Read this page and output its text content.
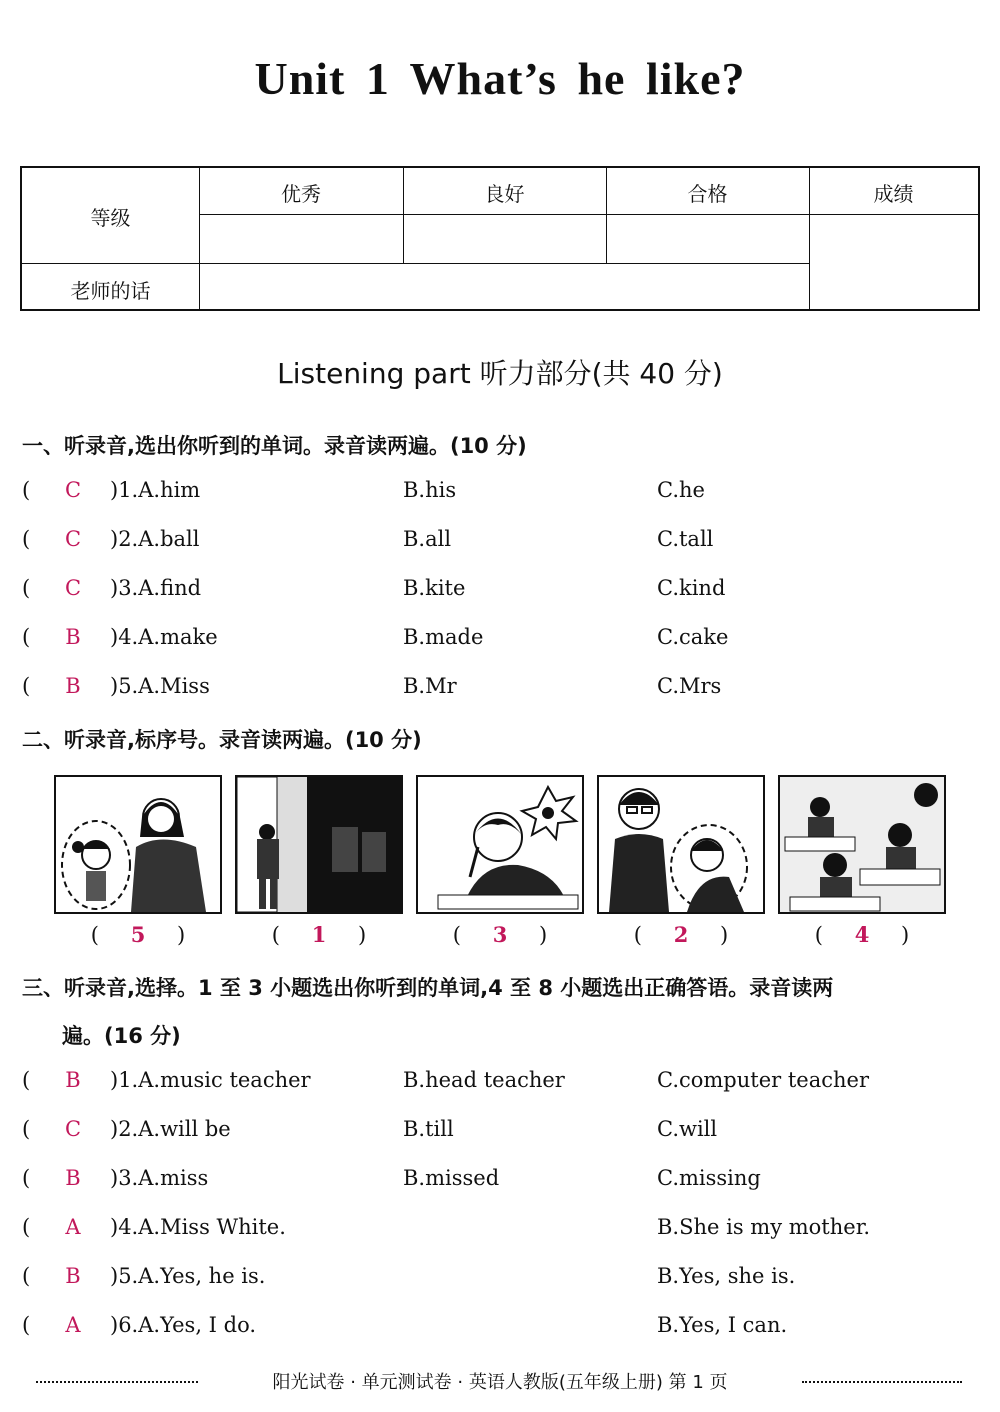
Unit 1 What’s he like?
等级
优秀	良好	合格	成绩
老师的话
Listening part 听力部分(共 40 分)
一、听录音,选出你听到的单词。录音读两遍。(10 分)
( C )1.A.him	B.his	C.he
( C )2.A.ball	B.all	C.tall
( C )3.A.find	B.kite	C.kind
( B )4.A.make	B.made	C.cake
( B )5.A.Miss	B.Mr	C.Mrs
二、听录音,标序号。录音读两遍。(10 分)
( 5 )	( 1 )	( 3 )	( 2 )	( 4 )
三、听录音,选择。1 至 3 小题选出你听到的单词,4 至 8 小题选出正确答语。录音读两
遍。(16 分)
( B )1.A.music teacher	B.head teacher	C.computer teacher
( C )2.A.will be	B.till	C.will
( B )3.A.miss	B.missed	C.missing
( A )4.A.Miss White.	B.She is my mother.
( B )5.A.Yes, he is.	B.Yes, she is.
( A )6.A.Yes, I do.	B.Yes, I can.
阳光试卷 · 单元测试卷 · 英语人教版(五年级上册) 第 1 页
